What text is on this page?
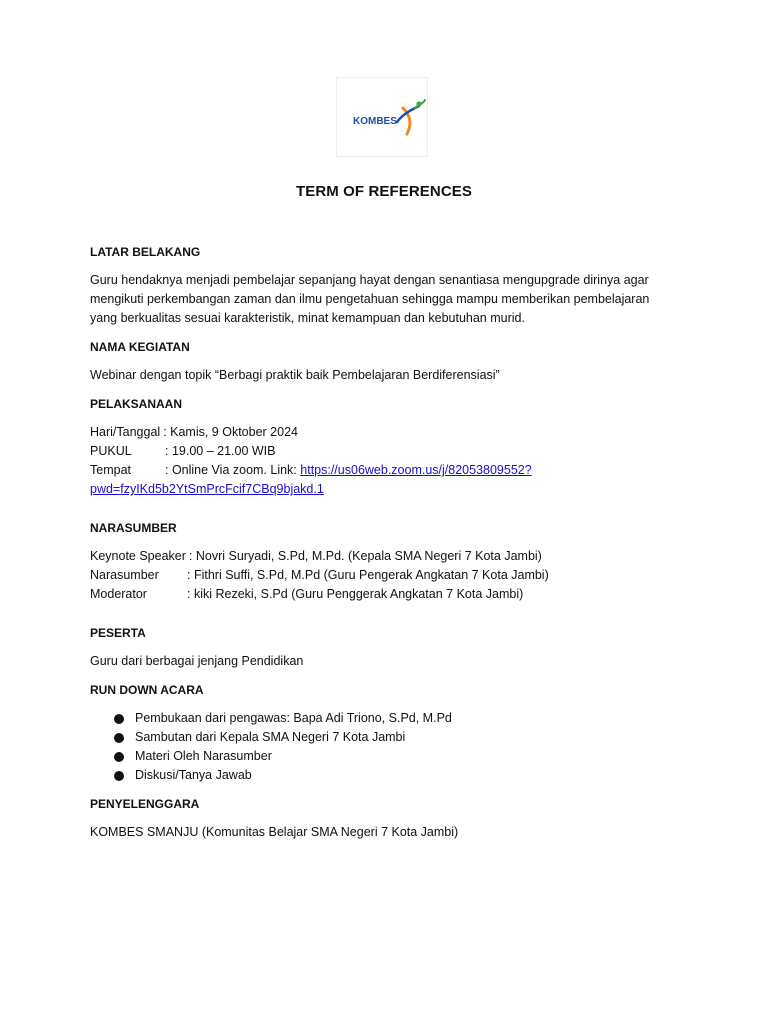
KOMBES
TERM OF REFERENCES
LATAR BELAKANG
Guru hendaknya menjadi pembelajar sepanjang hayat dengan senantiasa mengupgrade dirinya agar
mengikuti perkembangan zaman dan ilmu pengetahuan sehingga mampu memberikan pembelajaran
yang berkualitas sesuai karakteristik, minat kemampuan dan kebutuhan murid.
NAMA KEGIATAN
Webinar dengan topik “Berbagi praktik baik Pembelajaran Berdiferensiasi”
PELAKSANAAN
Hari/Tanggal : Kamis, 9 Oktober 2024
PUKUL	: 19.00 – 21.00 WIB
Tempat	: Online Via zoom. Link: https://us06web.zoom.us/j/82053809552?
pwd=fzyIKd5b2YtSmPrcFcif7CBq9bjakd.1
NARASUMBER
Keynote Speaker : Novri Suryadi, S.Pd, M.Pd. (Kepala SMA Negeri 7 Kota Jambi)
Narasumber	: Fithri Suffi, S.Pd, M.Pd (Guru Pengerak Angkatan 7 Kota Jambi)
Moderator	: kiki Rezeki, S.Pd (Guru Penggerak Angkatan 7 Kota Jambi)
PESERTA
Guru dari berbagai jenjang Pendidikan
RUN DOWN ACARA
Pembukaan dari pengawas: Bapa Adi Triono, S.Pd, M.Pd
Sambutan dari Kepala SMA Negeri 7 Kota Jambi
Materi Oleh Narasumber
Diskusi/Tanya Jawab
PENYELENGGARA
KOMBES SMANJU (Komunitas Belajar SMA Negeri 7 Kota Jambi)
